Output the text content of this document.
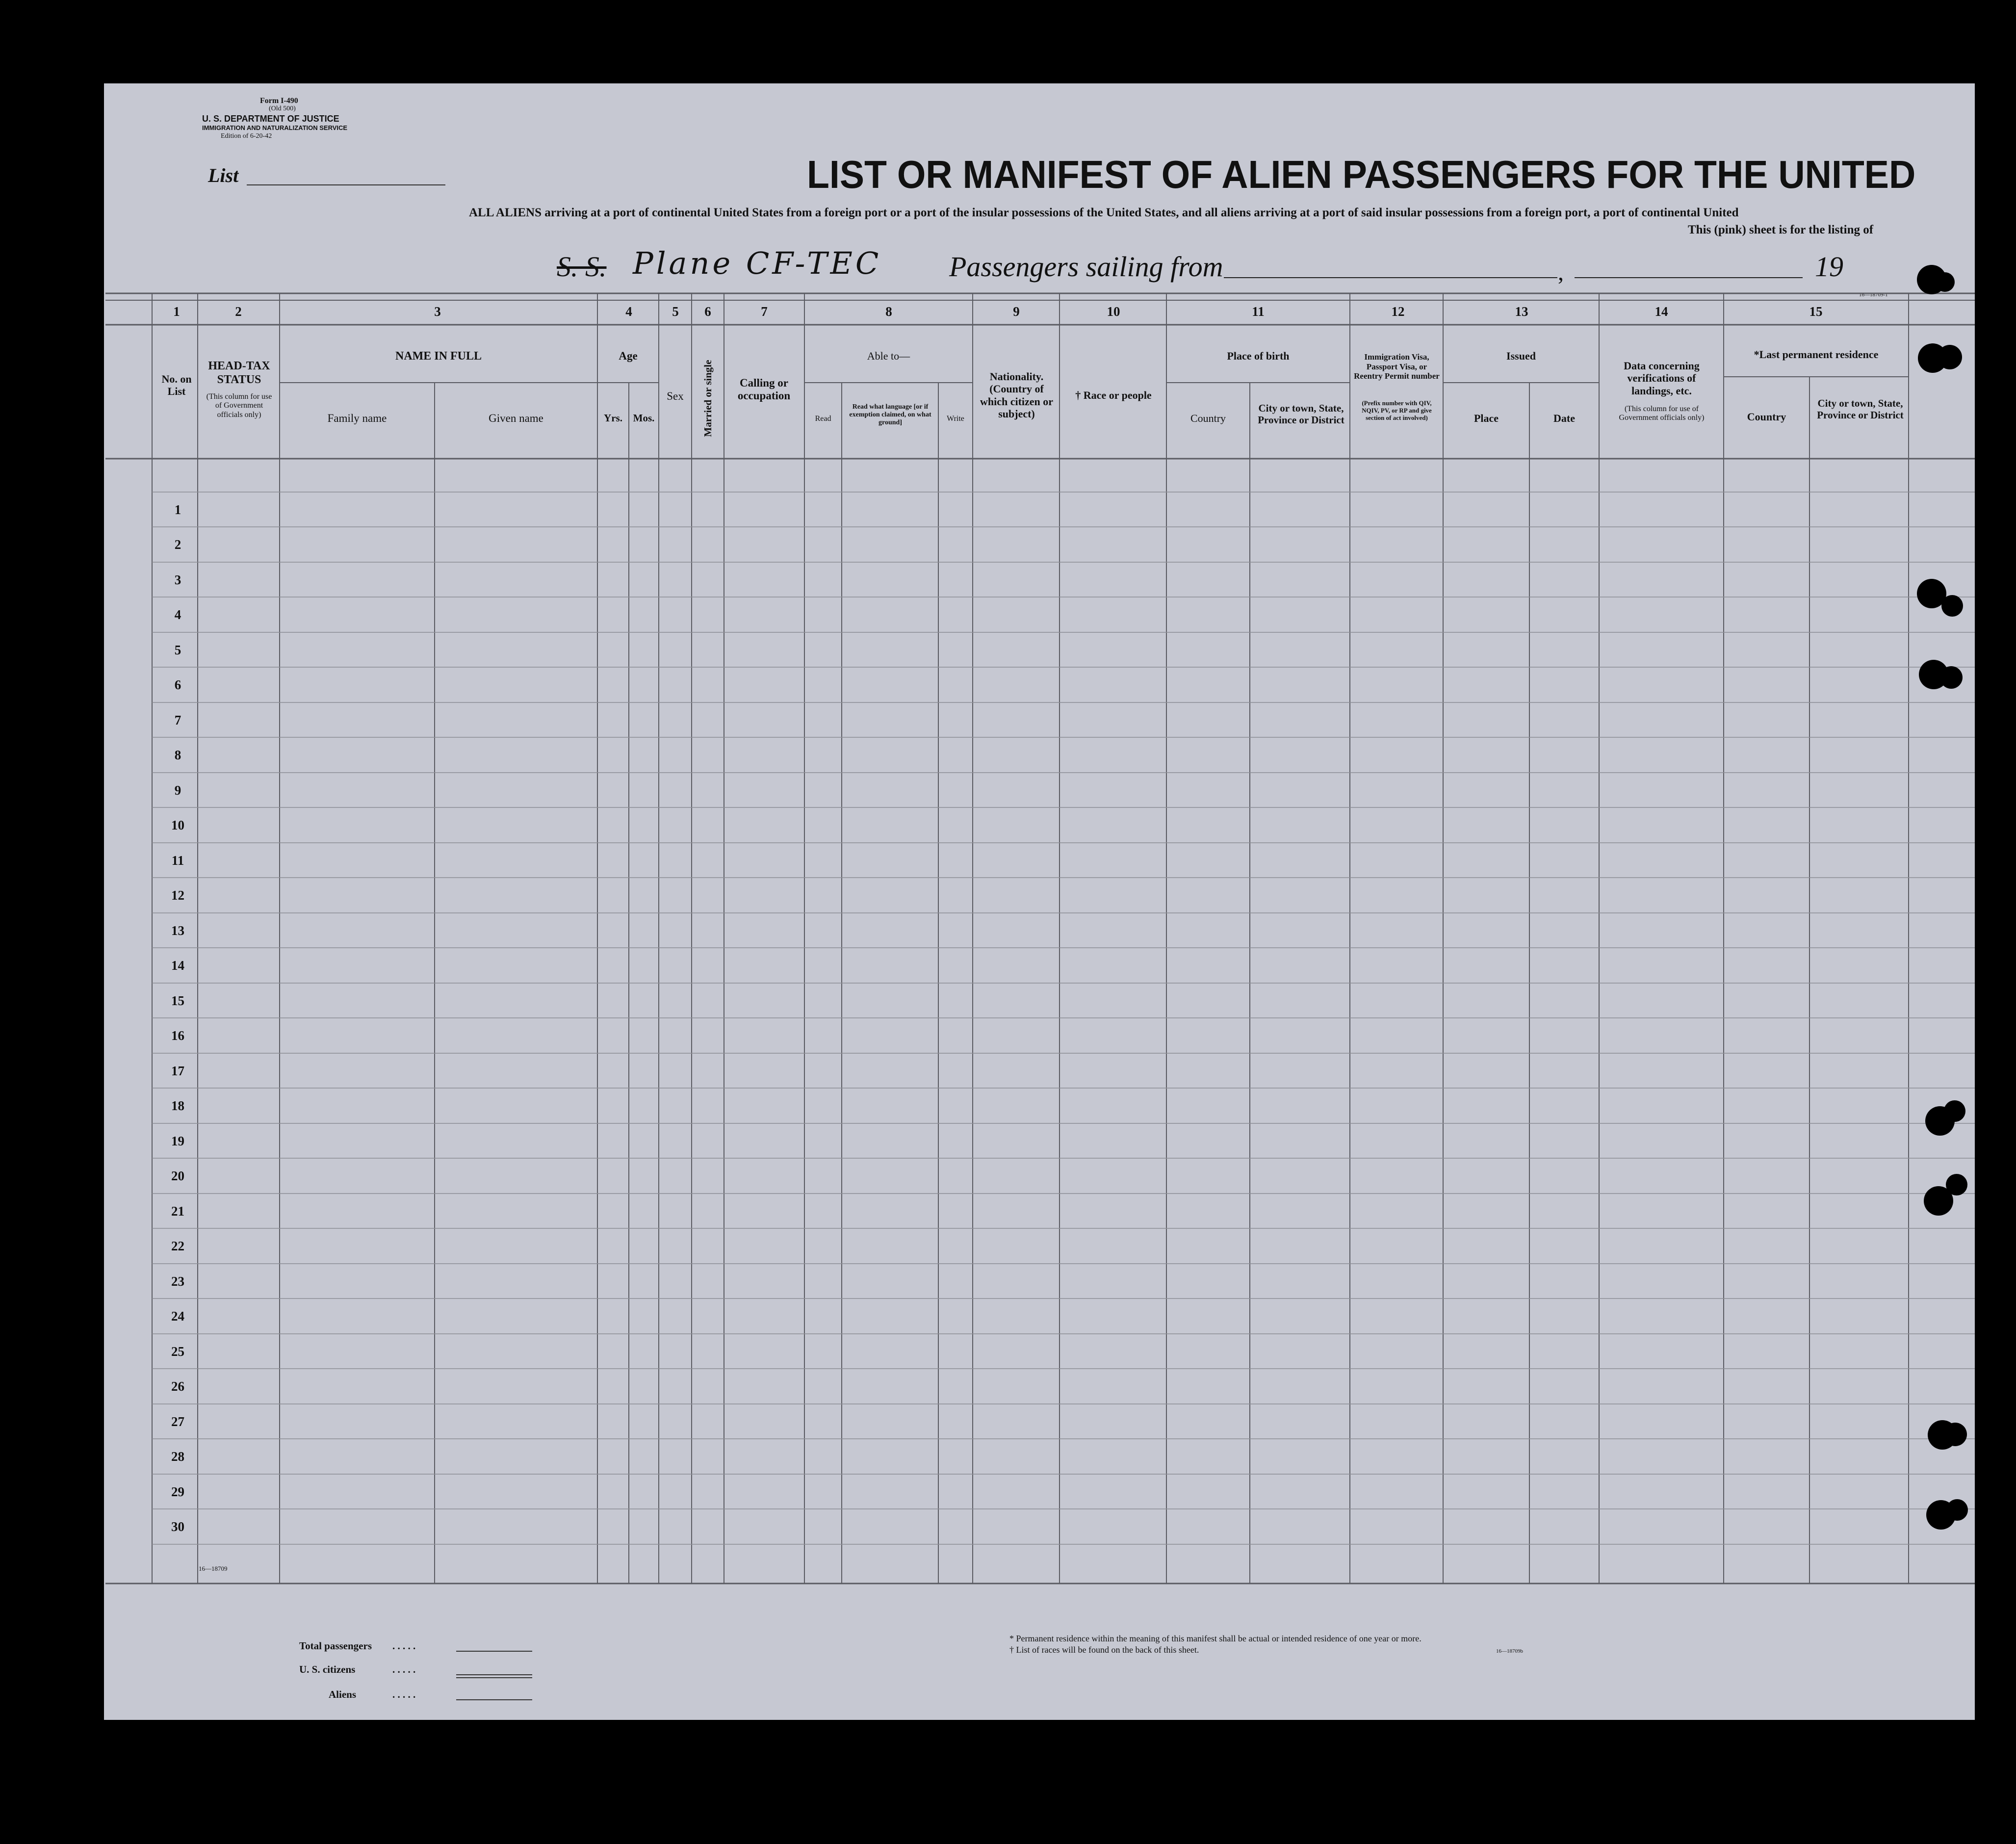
Form I-490
(Old 500)
U. S. DEPARTMENT OF JUSTICE
IMMIGRATION AND NATURALIZATION SERVICE
Edition of 6-20-42
List	LIST OR MANIFEST OF ALIEN PASSENGERS FOR THE UNITED
ALL ALIENS arriving at a port of continental United States from a foreign port or a port of the insular possessions of the United States, and all aliens arriving at a port of said insular possessions from a foreign port, a port of continental United
This (pink) sheet is for the listing of
S. S. Plane CF-TEC Passengers sailing from	,	19
16—18709-1
1	2	3	4	5	6	7	8	9	10	11	12	13	14	15
No. on List
HEAD-TAX STATUS
(This column for use of Government officials only)
NAME IN FULL
Family name	Given name
Age
Yrs.	Mos.
Sex	Married or single	Calling or occupation
Able to—
Read
Read what language [or if exemption claimed, on what ground]	Write
Nationality. (Country of which citizen or subject)
† Race or people
Place of birth
Country
City or town, State, Province or District
Immigration Visa, Passport Visa, or Reentry Permit number
(Prefix number with QIV, NQIV, PV, or RP and give section of act involved)
Issued
Place	Date
Data concerning verifications of landings, etc.
(This column for use of Government officials only)
*Last permanent residence
Country
City or town, State, Province or District
1
2
3
4
5
6
7
8
9
10
11
12
13
14
15
16
17
18
19
20
21
22
23
24
25
26
27
28
29
30
16—18709
Total passengers . . . . .
U. S. citizens	. . . . .
Aliens	. . . . .
* Permanent residence within the meaning of this manifest shall be actual or intended residence of one year or more.
† List of races will be found on the back of this sheet.	16—18709b
